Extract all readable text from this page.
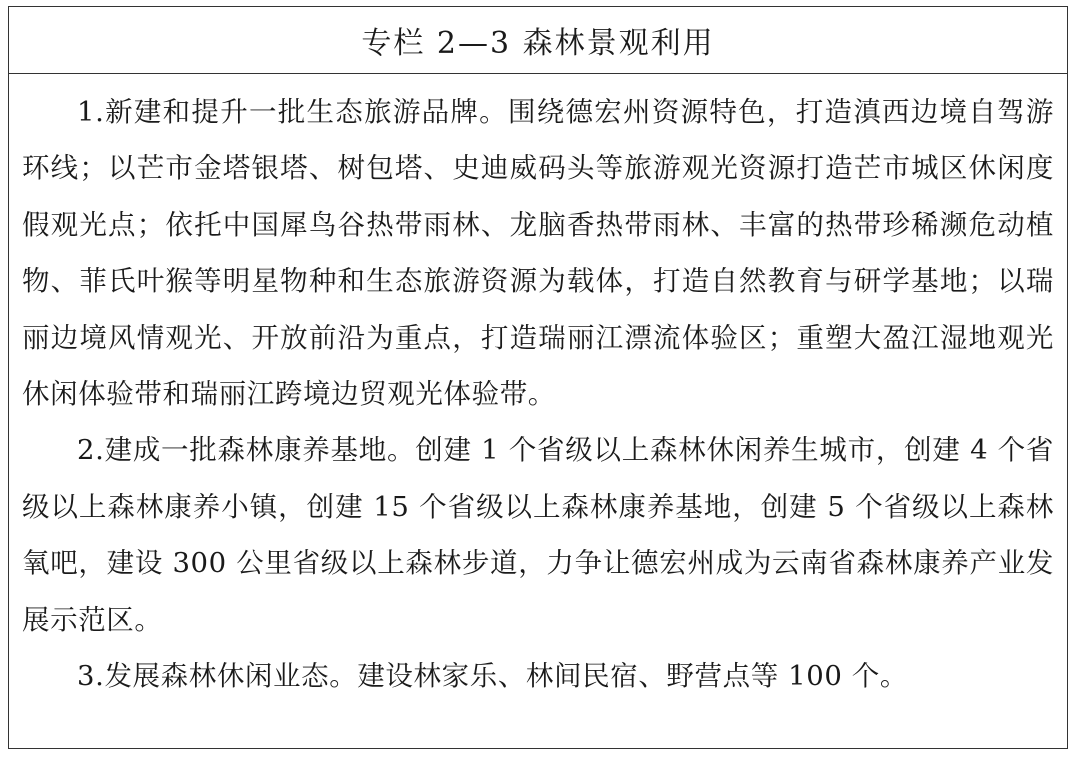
专栏 2—3 森林景观利用

1.新建和提升一批生态旅游品牌。围绕德宏州资源特色，打造滇西边境自驾游环线；以芒市金塔银塔、树包塔、史迪威码头等旅游观光资源打造芒市城区休闲度假观光点；依托中国犀鸟谷热带雨林、龙脑香热带雨林、丰富的热带珍稀濒危动植物、菲氏叶猴等明星物种和生态旅游资源为载体，打造自然教育与研学基地；以瑞丽边境风情观光、开放前沿为重点，打造瑞丽江漂流体验区；重塑大盈江湿地观光休闲体验带和瑞丽江跨境边贸观光体验带。

2.建成一批森林康养基地。创建 1 个省级以上森林休闲养生城市，创建 4 个省级以上森林康养小镇，创建 15 个省级以上森林康养基地，创建 5 个省级以上森林氧吧，建设 300 公里省级以上森林步道，力争让德宏州成为云南省森林康养产业发展示范区。

3.发展森林休闲业态。建设林家乐、林间民宿、野营点等 100 个。
